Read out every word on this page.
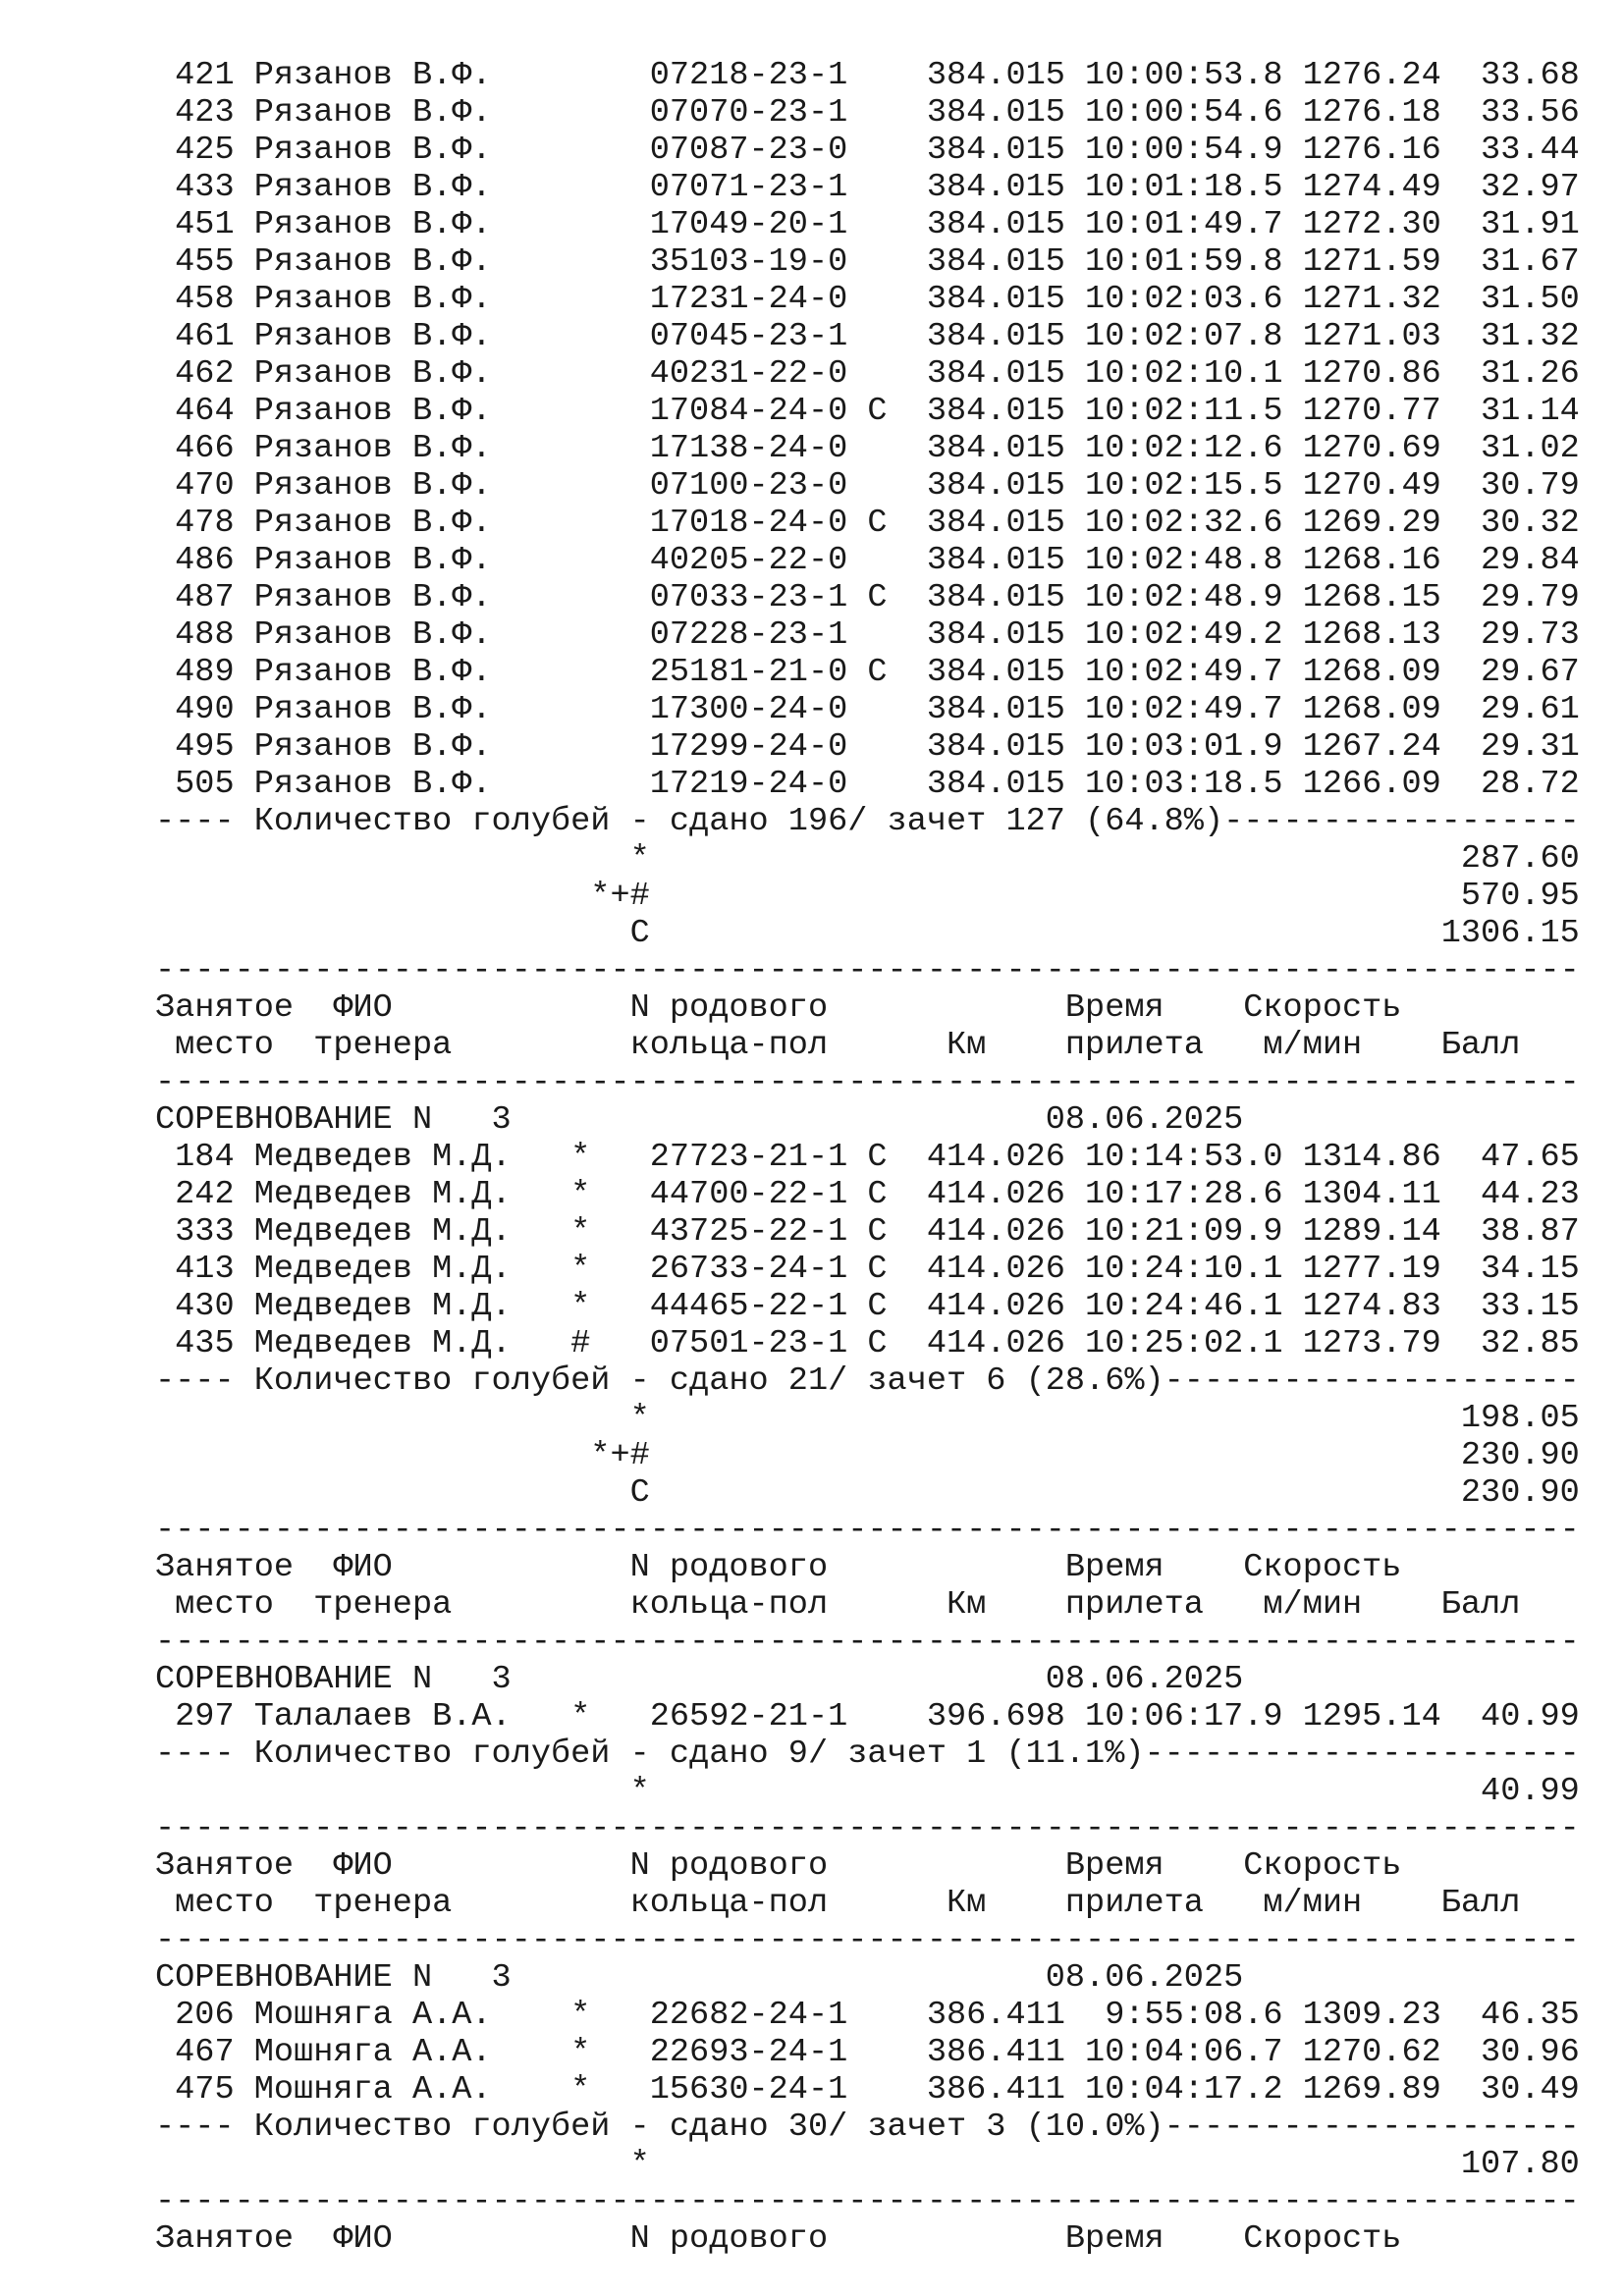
421 Рязанов В.Ф.        07218-23-1    384.015 10:00:53.8 1276.24  33.68
423 Рязанов В.Ф.        07070-23-1    384.015 10:00:54.6 1276.18  33.56
425 Рязанов В.Ф.        07087-23-0    384.015 10:00:54.9 1276.16  33.44
433 Рязанов В.Ф.        07071-23-1    384.015 10:01:18.5 1274.49  32.97
451 Рязанов В.Ф.        17049-20-1    384.015 10:01:49.7 1272.30  31.91
455 Рязанов В.Ф.        35103-19-0    384.015 10:01:59.8 1271.59  31.67
458 Рязанов В.Ф.        17231-24-0    384.015 10:02:03.6 1271.32  31.50
461 Рязанов В.Ф.        07045-23-1    384.015 10:02:07.8 1271.03  31.32
462 Рязанов В.Ф.        40231-22-0    384.015 10:02:10.1 1270.86  31.26
464 Рязанов В.Ф.        17084-24-0 С  384.015 10:02:11.5 1270.77  31.14
466 Рязанов В.Ф.        17138-24-0    384.015 10:02:12.6 1270.69  31.02
470 Рязанов В.Ф.        07100-23-0    384.015 10:02:15.5 1270.49  30.79
478 Рязанов В.Ф.        17018-24-0 С  384.015 10:02:32.6 1269.29  30.32
486 Рязанов В.Ф.        40205-22-0    384.015 10:02:48.8 1268.16  29.84
487 Рязанов В.Ф.        07033-23-1 С  384.015 10:02:48.9 1268.15  29.79
488 Рязанов В.Ф.        07228-23-1    384.015 10:02:49.2 1268.13  29.73
489 Рязанов В.Ф.        25181-21-0 С  384.015 10:02:49.7 1268.09  29.67
490 Рязанов В.Ф.        17300-24-0    384.015 10:02:49.7 1268.09  29.61
495 Рязанов В.Ф.        17299-24-0    384.015 10:03:01.9 1267.24  29.31
505 Рязанов В.Ф.        17219-24-0    384.015 10:03:18.5 1266.09  28.72
---- Количество голубей - сдано 196/ зачет 127 (64.8%)------------------
*                                         287.60
*+#                                         570.95
С                                        1306.15
------------------------------------------------------------------------
Занятое  ФИО            N родового            Время    Скорость
место  тренера         кольца-пол      Км    прилета   м/мин    Балл
------------------------------------------------------------------------
СОРЕВНОВАНИЕ N   3                           08.06.2025
184 Медведев М.Д.   *   27723-21-1 С  414.026 10:14:53.0 1314.86  47.65
242 Медведев М.Д.   *   44700-22-1 С  414.026 10:17:28.6 1304.11  44.23
333 Медведев М.Д.   *   43725-22-1 С  414.026 10:21:09.9 1289.14  38.87
413 Медведев М.Д.   *   26733-24-1 С  414.026 10:24:10.1 1277.19  34.15
430 Медведев М.Д.   *   44465-22-1 С  414.026 10:24:46.1 1274.83  33.15
435 Медведев М.Д.   #   07501-23-1 С  414.026 10:25:02.1 1273.79  32.85
---- Количество голубей - сдано 21/ зачет 6 (28.6%)---------------------
*                                         198.05
*+#                                         230.90
С                                         230.90
------------------------------------------------------------------------
Занятое  ФИО            N родового            Время    Скорость
место  тренера         кольца-пол      Км    прилета   м/мин    Балл
------------------------------------------------------------------------
СОРЕВНОВАНИЕ N   3                           08.06.2025
297 Талалаев В.А.   *   26592-21-1    396.698 10:06:17.9 1295.14  40.99
---- Количество голубей - сдано 9/ зачет 1 (11.1%)----------------------
*                                          40.99
------------------------------------------------------------------------
Занятое  ФИО            N родового            Время    Скорость
место  тренера         кольца-пол      Км    прилета   м/мин    Балл
------------------------------------------------------------------------
СОРЕВНОВАНИЕ N   3                           08.06.2025
206 Мошняга А.А.    *   22682-24-1    386.411  9:55:08.6 1309.23  46.35
467 Мошняга А.А.    *   22693-24-1    386.411 10:04:06.7 1270.62  30.96
475 Мошняга А.А.    *   15630-24-1    386.411 10:04:17.2 1269.89  30.49
---- Количество голубей - сдано 30/ зачет 3 (10.0%)---------------------
*                                         107.80
------------------------------------------------------------------------
Занятое  ФИО            N родового            Время    Скорость
